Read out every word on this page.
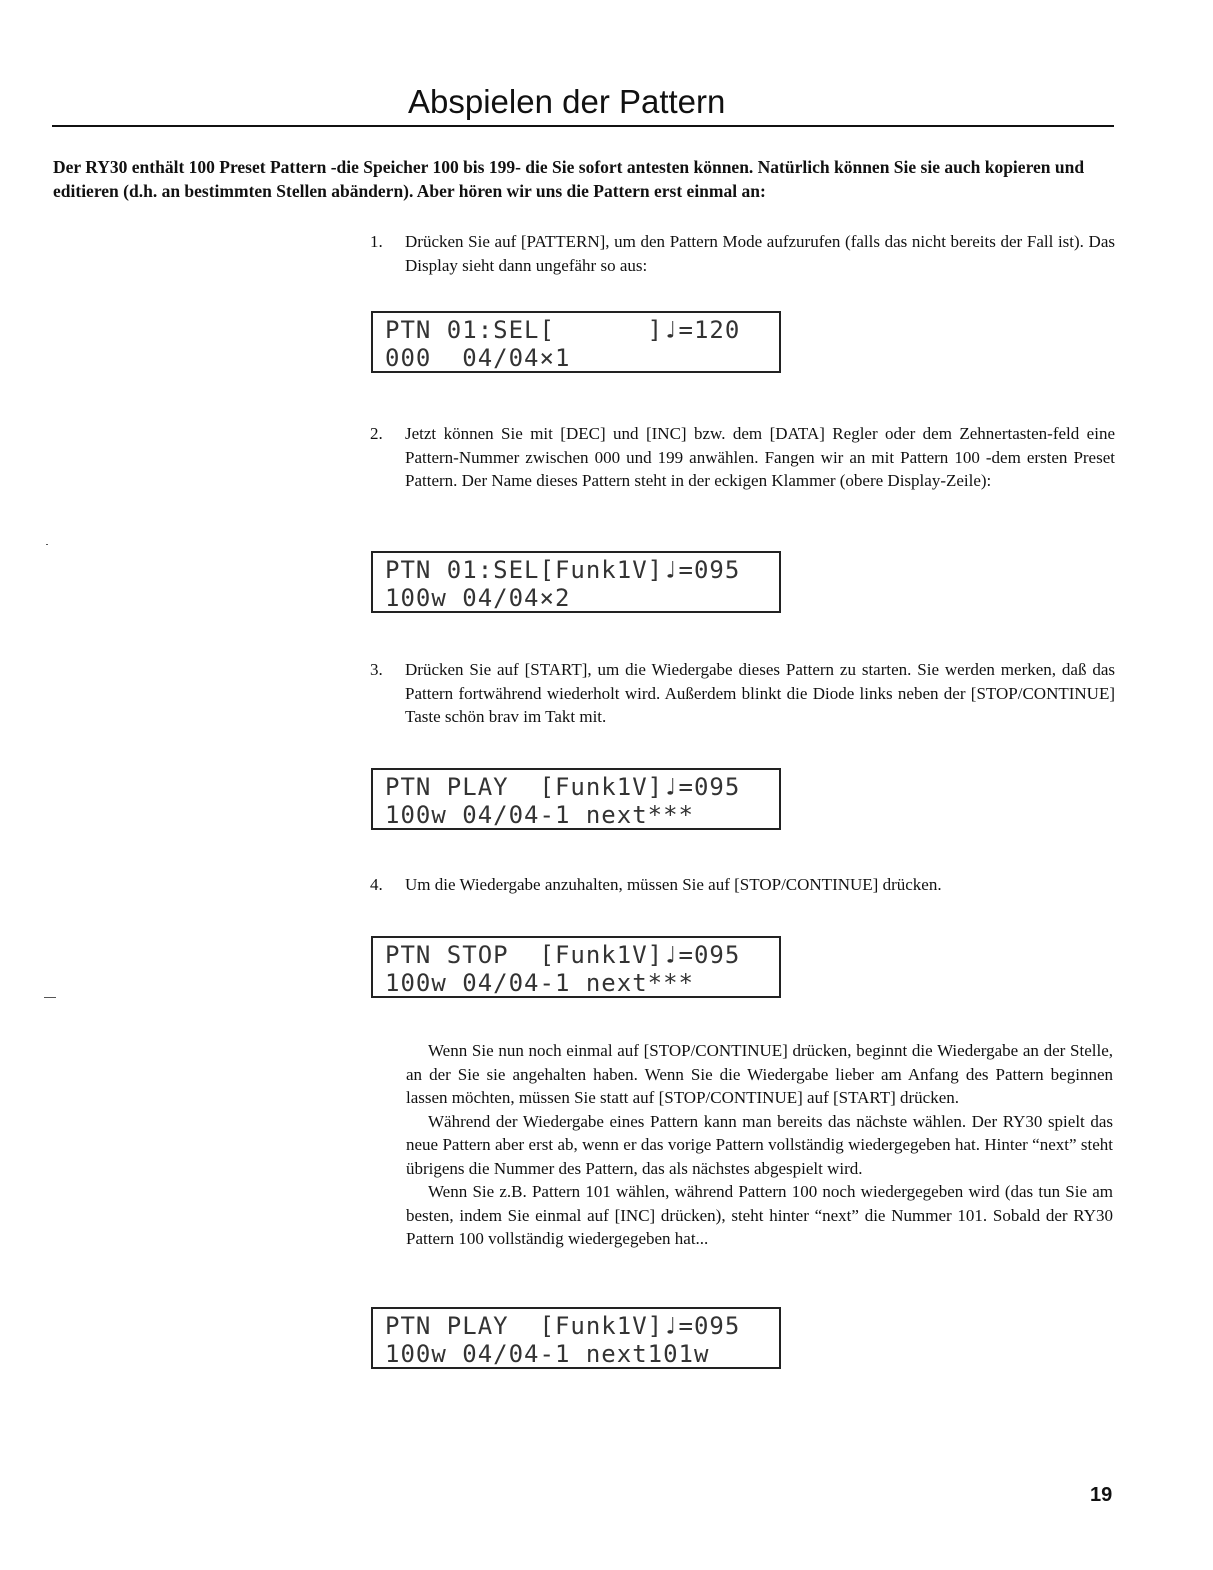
Abspielen der Pattern
Der RY30 enthält 100 Preset Pattern -die Speicher 100 bis 199- die Sie sofort antesten können. Natürlich können Sie sie auch kopieren und editieren (d.h. an bestimmten Stellen abändern). Aber hören wir uns die Pattern erst einmal an:
1.	Drücken Sie auf [PATTERN], um den Pattern Mode aufzurufen (falls das nicht bereits der Fall ist). Das Display sieht dann ungefähr so aus:
PTN 01:SEL[      ]♩=120
000  04/04×1
2.	Jetzt können Sie mit [DEC] und [INC] bzw. dem [DATA] Regler oder dem Zehnertasten-feld eine Pattern-Nummer zwischen 000 und 199 anwählen. Fangen wir an mit Pattern 100 -dem ersten Preset Pattern. Der Name dieses Pattern steht in der eckigen Klammer (obere Display-Zeile):
PTN 01:SEL[Funk1V]♩=095
100w 04/04×2
3.	Drücken Sie auf [START], um die Wiedergabe dieses Pattern zu starten. Sie werden merken, daß das Pattern fortwährend wiederholt wird. Außerdem blinkt die Diode links neben der [STOP/CONTINUE] Taste schön brav im Takt mit.
PTN PLAY  [Funk1V]♩=095
100w 04/04-1 next***
4.	Um die Wiedergabe anzuhalten, müssen Sie auf [STOP/CONTINUE] drücken.
PTN STOP  [Funk1V]♩=095
100w 04/04-1 next***

Wenn Sie nun noch einmal auf [STOP/CONTINUE] drücken, beginnt die Wiedergabe an der Stelle, an der Sie sie angehalten haben. Wenn Sie die Wiedergabe lieber am Anfang des Pattern beginnen lassen möchten, müssen Sie statt auf [STOP/CONTINUE] auf [START] drücken.

Während der Wiedergabe eines Pattern kann man bereits das nächste wählen. Der RY30 spielt das neue Pattern aber erst ab, wenn er das vorige Pattern vollständig wiedergegeben hat. Hinter “next” steht übrigens die Nummer des Pattern, das als nächstes abgespielt wird.

Wenn Sie z.B. Pattern 101 wählen, während Pattern 100 noch wiedergegeben wird (das tun Sie am besten, indem Sie einmal auf [INC] drücken), steht hinter “next” die Nummer 101. Sobald der RY30 Pattern 100 vollständig wiedergegeben hat...

PTN PLAY  [Funk1V]♩=095
100w 04/04-1 next101w
19
